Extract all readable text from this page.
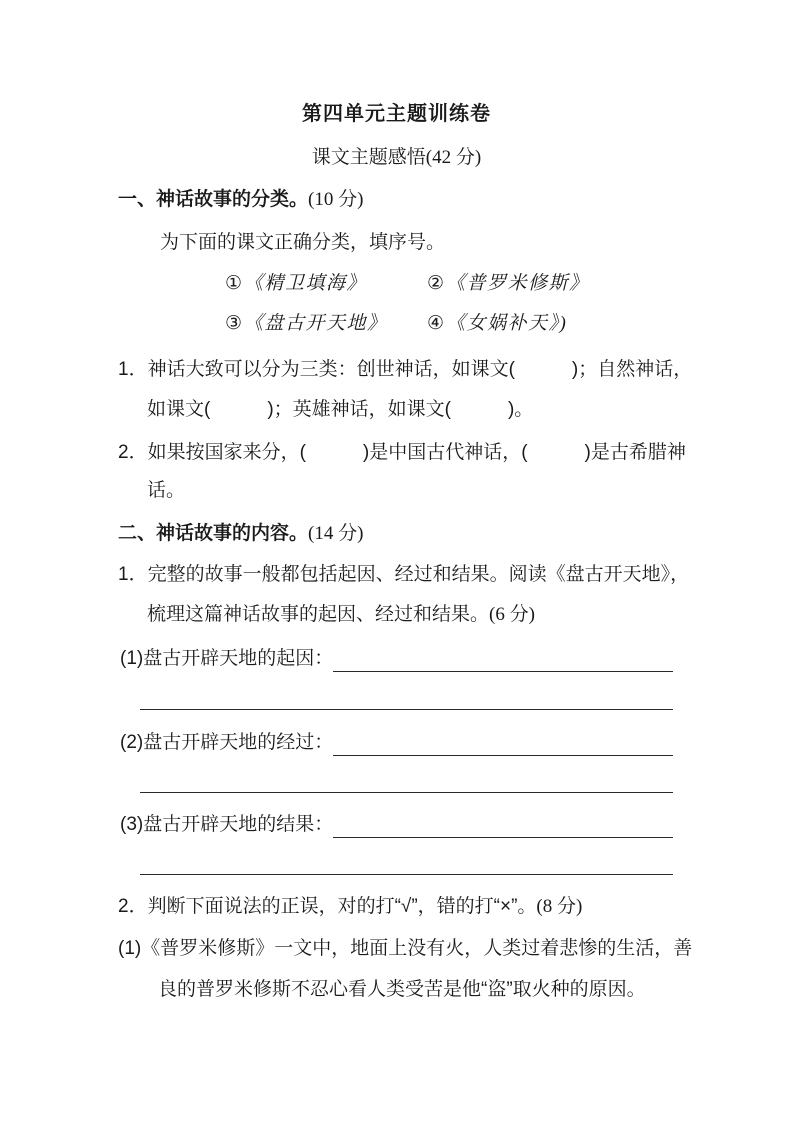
第四单元主题训练卷
课文主题感悟(42 分)
一、神话故事的分类。(10 分)
为下面的课文正确分类，填序号。
① 《精卫填海》	② 《普罗米修斯》
③ 《盘古开天地》 ④ 《女娲补天》)
1．神话大致可以分为三类：创世神话，如课文(　　　)；自然神话，
如课文(　　　)；英雄神话，如课文(　　　)。
2．如果按国家来分，(　　　)是中国古代神话，(　　　)是古希腊神
话。
二、神话故事的内容。(14 分)
1．完整的故事一般都包括起因、经过和结果。阅读《盘古开天地》，
梳理这篇神话故事的起因、经过和结果。(6 分)
(1)盘古开辟天地的起因：
(2)盘古开辟天地的经过：
(3)盘古开辟天地的结果：
2．判断下面说法的正误，对的打“√”，错的打“×”。(8 分)
(1)《普罗米修斯》一文中，地面上没有火，人类过着悲惨的生活，善
良的普罗米修斯不忍心看人类受苦是他“盗”取火种的原因。
